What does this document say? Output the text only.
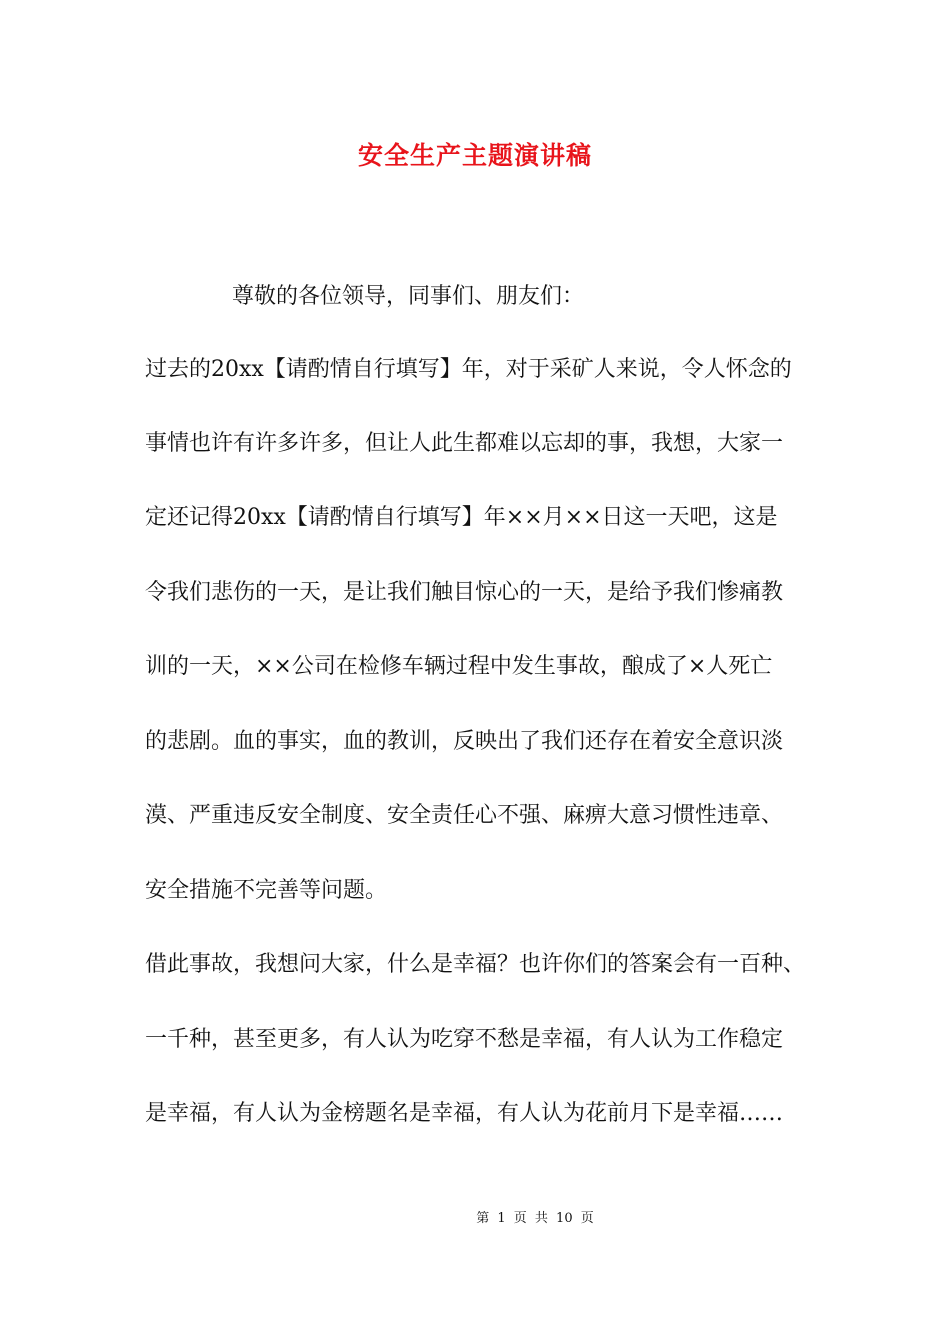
安全生产主题演讲稿
尊敬的各位领导，同事们、朋友们：
过去的20xx【请酌情自行填写】年，对于采矿人来说，令人怀念的
事情也许有许多许多，但让人此生都难以忘却的事，我想，大家一
定还记得20xx【请酌情自行填写】年××月××日这一天吧，这是
令我们悲伤的一天，是让我们触目惊心的一天，是给予我们惨痛教
训的一天，××公司在检修车辆过程中发生事故，酿成了×人死亡
的悲剧。血的事实，血的教训，反映出了我们还存在着安全意识淡
漠、严重违反安全制度、安全责任心不强、麻痹大意习惯性违章、
安全措施不完善等问题。
借此事故，我想问大家，什么是幸福？也许你们的答案会有一百种、
一千种，甚至更多，有人认为吃穿不愁是幸福，有人认为工作稳定
是幸福，有人认为金榜题名是幸福，有人认为花前月下是幸福……
第 1 页 共 10 页
